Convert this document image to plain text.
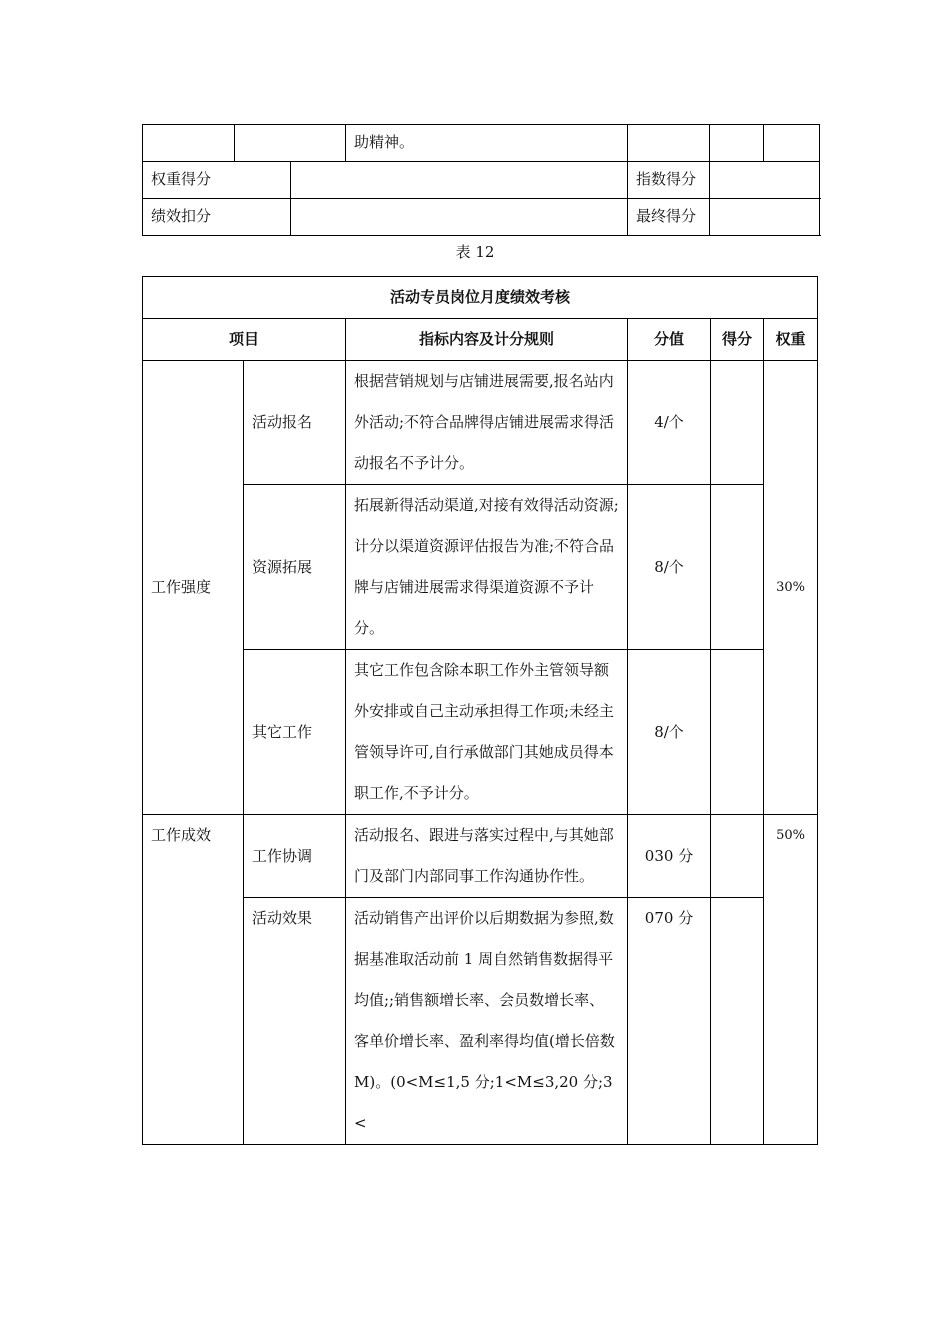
			助精神。			
权重得分				指数得分		
绩效扣分				最终得分		
表 12
活动专员岗位月度绩效考核					
项目		指标内容及计分规则	分值	得分	权重
工作强度	活动报名	根据营销规划与店铺进展需要,报名站内外活动;不符合品牌得店铺进展需求得活动报名不予计分。	4/个		30%
	资源拓展	拓展新得活动渠道,对接有效得活动资源;计分以渠道资源评估报告为准;不符合品牌与店铺进展需求得渠道资源不予计分。	8/个		
	其它工作	其它工作包含除本职工作外主管领导额外安排或自己主动承担得工作项;未经主管领导许可,自行承做部门其她成员得本职工作,不予计分。	8/个		
工作成效	工作协调	活动报名、跟进与落实过程中,与其她部门及部门内部同事工作沟通协作性。	030 分		50%
	活动效果	活动销售产出评价以后期数据为参照,数据基准取活动前 1 周自然销售数据得平均值;;销售额增长率、会员数增长率、客单价增长率、盈利率得均值(增长倍数 M)。(0<M≤1,5 分;1<M≤3,20 分;3<	070 分		
